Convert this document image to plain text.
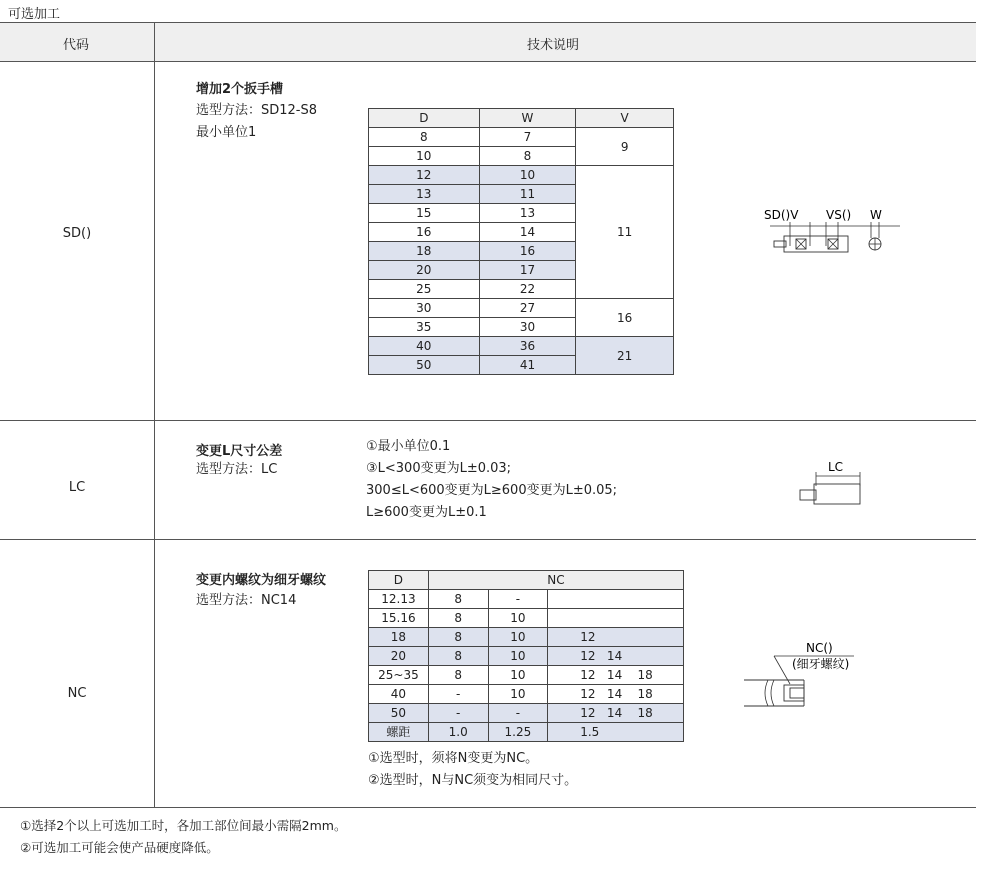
可选加工
代码	技术说明
SD()
增加2个扳手槽
选型方法：SD12-S8
最小单位1
D	W	V
8	7	9
10	8	
12	10	11
13	11	
15	13	
16	14	
18	16	
20	17	
25	22	
30	27	16
35	30	
40	36	21
50	41	
SD()V VS() W
LC
变更L尺寸公差
选型方法：LC
①最小单位0.1
③L<300变更为L±0.03;
300≤L<600变更为L≥600变更为L±0.05;
L≥600变更为L±0.1
LC
NC
变更内螺纹为细牙螺纹
选型方法：NC14
D	NC		
12.13	8	-	
15.16	8	10	
18	8	10	12
20	8	10	12   14
25~35	8	10	12   14    18
40	-	10	12   14    18
50	-	-	12   14    18
螺距	1.0	1.25	1.5
①选型时，须将N变更为NC。
②选型时，N与NC须变为相同尺寸。
NC()
(细牙螺纹)
①选择2个以上可选加工时，各加工部位间最小需隔2mm。
②可选加工可能会使产品硬度降低。
